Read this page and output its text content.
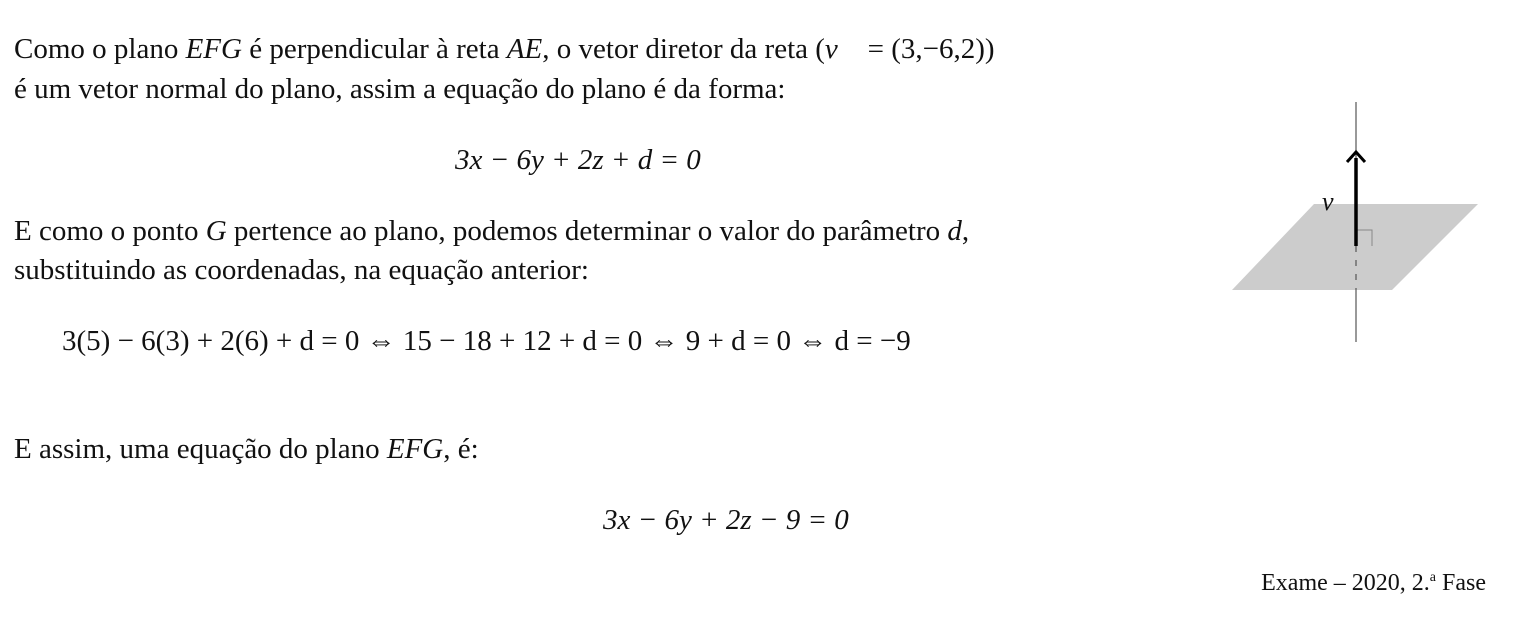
Como o plano EFG é perpendicular à reta AE, o vetor diretor da reta (v⃗ = (3,−6,2))
é um vetor normal do plano, assim a equação do plano é da forma:
3x − 6y + 2z + d = 0
E como o ponto G pertence ao plano, podemos determinar o valor do parâmetro d,
substituindo as coordenadas, na equação anterior:
3(5) − 6(3) + 2(6) + d = 0 ⇔ 15 − 18 + 12 + d = 0 ⇔ 9 + d = 0 ⇔ d = −9
E assim, uma equação do plano EFG, é:
3x − 6y + 2z − 9 = 0
v⃗
Exame – 2020, 2.$^a$ Fase
